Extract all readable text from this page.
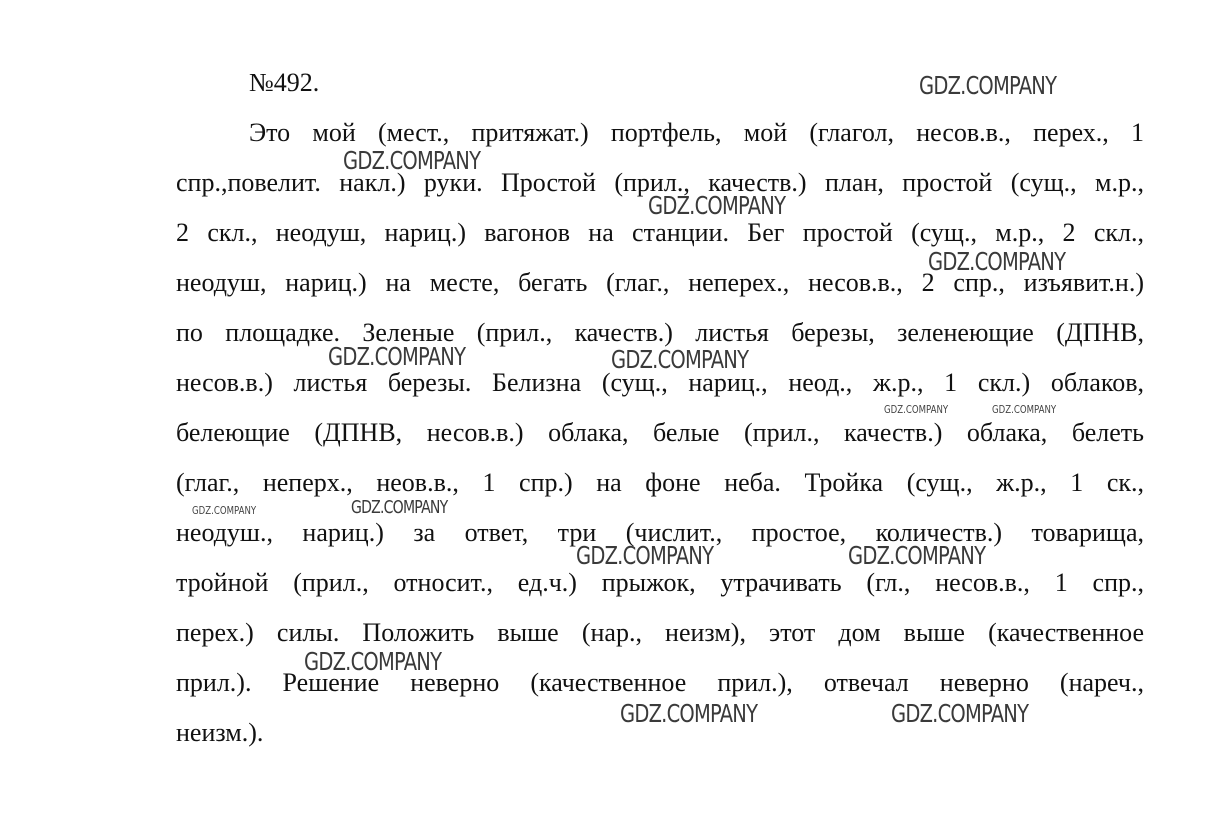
№492.
Это мой (мест., притяжат.) портфель, мой (глагол, несов.в., перех., 1
спр.,повелит. накл.) руки. Простой (прил., качеств.) план, простой (сущ., м.р.,
2 скл., неодуш, нариц.) вагонов на станции. Бег простой (сущ., м.р., 2 скл.,
неодуш, нариц.) на месте, бегать (глаг., неперех., несов.в., 2 спр., изъявит.н.)
по площадке. Зеленые (прил., качеств.) листья березы, зеленеющие (ДПНВ,
несов.в.) листья березы. Белизна (сущ., нариц., неод., ж.р., 1 скл.) облаков,
белеющие (ДПНВ, несов.в.) облака, белые (прил., качеств.) облака, белеть
(глаг., неперх., неов.в., 1 спр.) на фоне неба. Тройка (сущ., ж.р., 1 ск.,
неодуш., нариц.) за ответ, три (числит., простое, количеств.) товарища,
тройной (прил., относит., ед.ч.) прыжок, утрачивать (гл., несов.в., 1 спр.,
перех.) силы. Положить выше (нар., неизм), этот дом выше (качественное
прил.). Решение неверно (качественное прил.), отвечал неверно (нареч.,
неизм.).
GDZ.COMPANY
GDZ.COMPANY
GDZ.COMPANY
GDZ.COMPANY
GDZ.COMPANY	GDZ.COMPANY
GDZ.COMPANY	GDZ.COMPANY
GDZ.COMPANY	GDZ.COMPANY
GDZ.COMPANY	GDZ.COMPANY
GDZ.COMPANY
GDZ.COMPANY	GDZ.COMPANY
